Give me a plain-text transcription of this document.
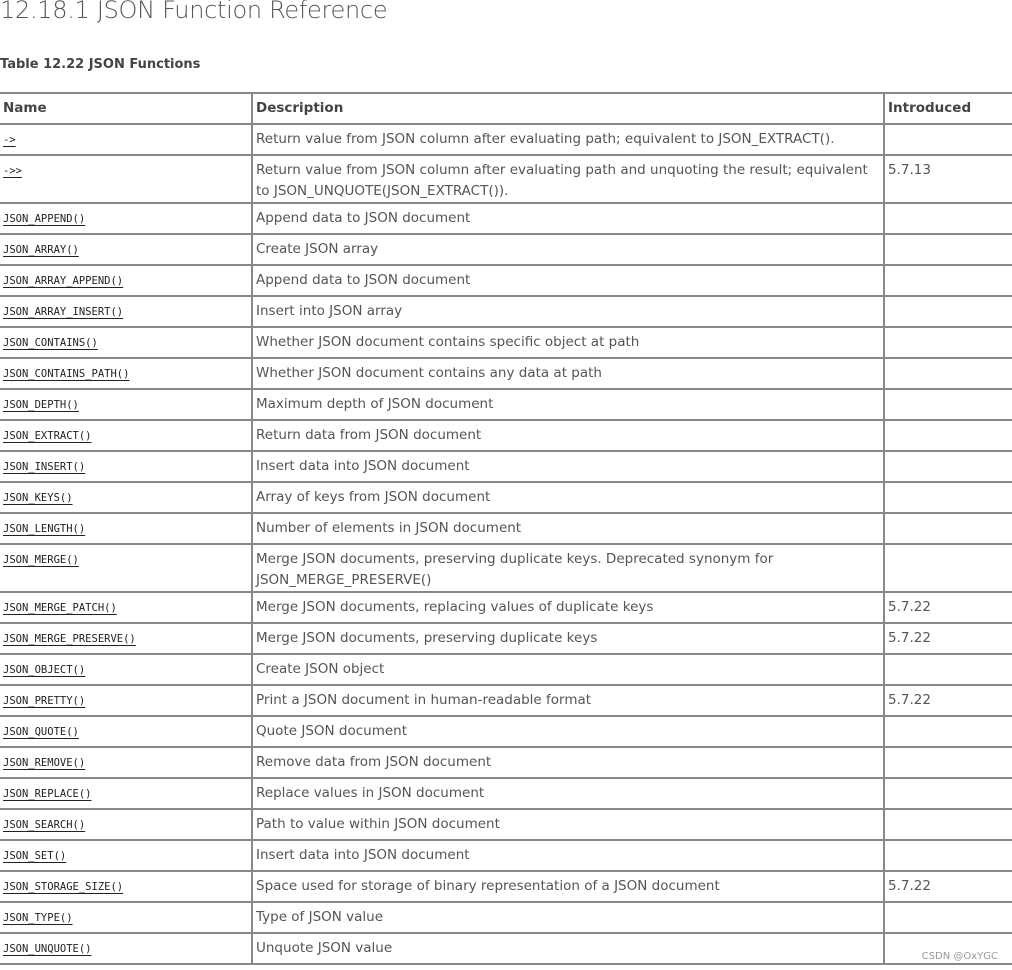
12.18.1 JSON Function Reference
Table 12.22 JSON Functions
Name	Description	Introduced
->	Return value from JSON column after evaluating path; equivalent to JSON_EXTRACT().	
->>	Return value from JSON column after evaluating path and unquoting the result; equivalent to JSON_UNQUOTE(JSON_EXTRACT()).	5.7.13
JSON_APPEND()	Append data to JSON document	
JSON_ARRAY()	Create JSON array	
JSON_ARRAY_APPEND()	Append data to JSON document	
JSON_ARRAY_INSERT()	Insert into JSON array	
JSON_CONTAINS()	Whether JSON document contains specific object at path	
JSON_CONTAINS_PATH()	Whether JSON document contains any data at path	
JSON_DEPTH()	Maximum depth of JSON document	
JSON_EXTRACT()	Return data from JSON document	
JSON_INSERT()	Insert data into JSON document	
JSON_KEYS()	Array of keys from JSON document	
JSON_LENGTH()	Number of elements in JSON document	
JSON_MERGE()	Merge JSON documents, preserving duplicate keys. Deprecated synonym for JSON_MERGE_PRESERVE()	
JSON_MERGE_PATCH()	Merge JSON documents, replacing values of duplicate keys	5.7.22
JSON_MERGE_PRESERVE()	Merge JSON documents, preserving duplicate keys	5.7.22
JSON_OBJECT()	Create JSON object	
JSON_PRETTY()	Print a JSON document in human-readable format	5.7.22
JSON_QUOTE()	Quote JSON document	
JSON_REMOVE()	Remove data from JSON document	
JSON_REPLACE()	Replace values in JSON document	
JSON_SEARCH()	Path to value within JSON document	
JSON_SET()	Insert data into JSON document	
JSON_STORAGE_SIZE()	Space used for storage of binary representation of a JSON document	5.7.22
JSON_TYPE()	Type of JSON value	
JSON_UNQUOTE()	Unquote JSON value	
CSDN @OxYGC
